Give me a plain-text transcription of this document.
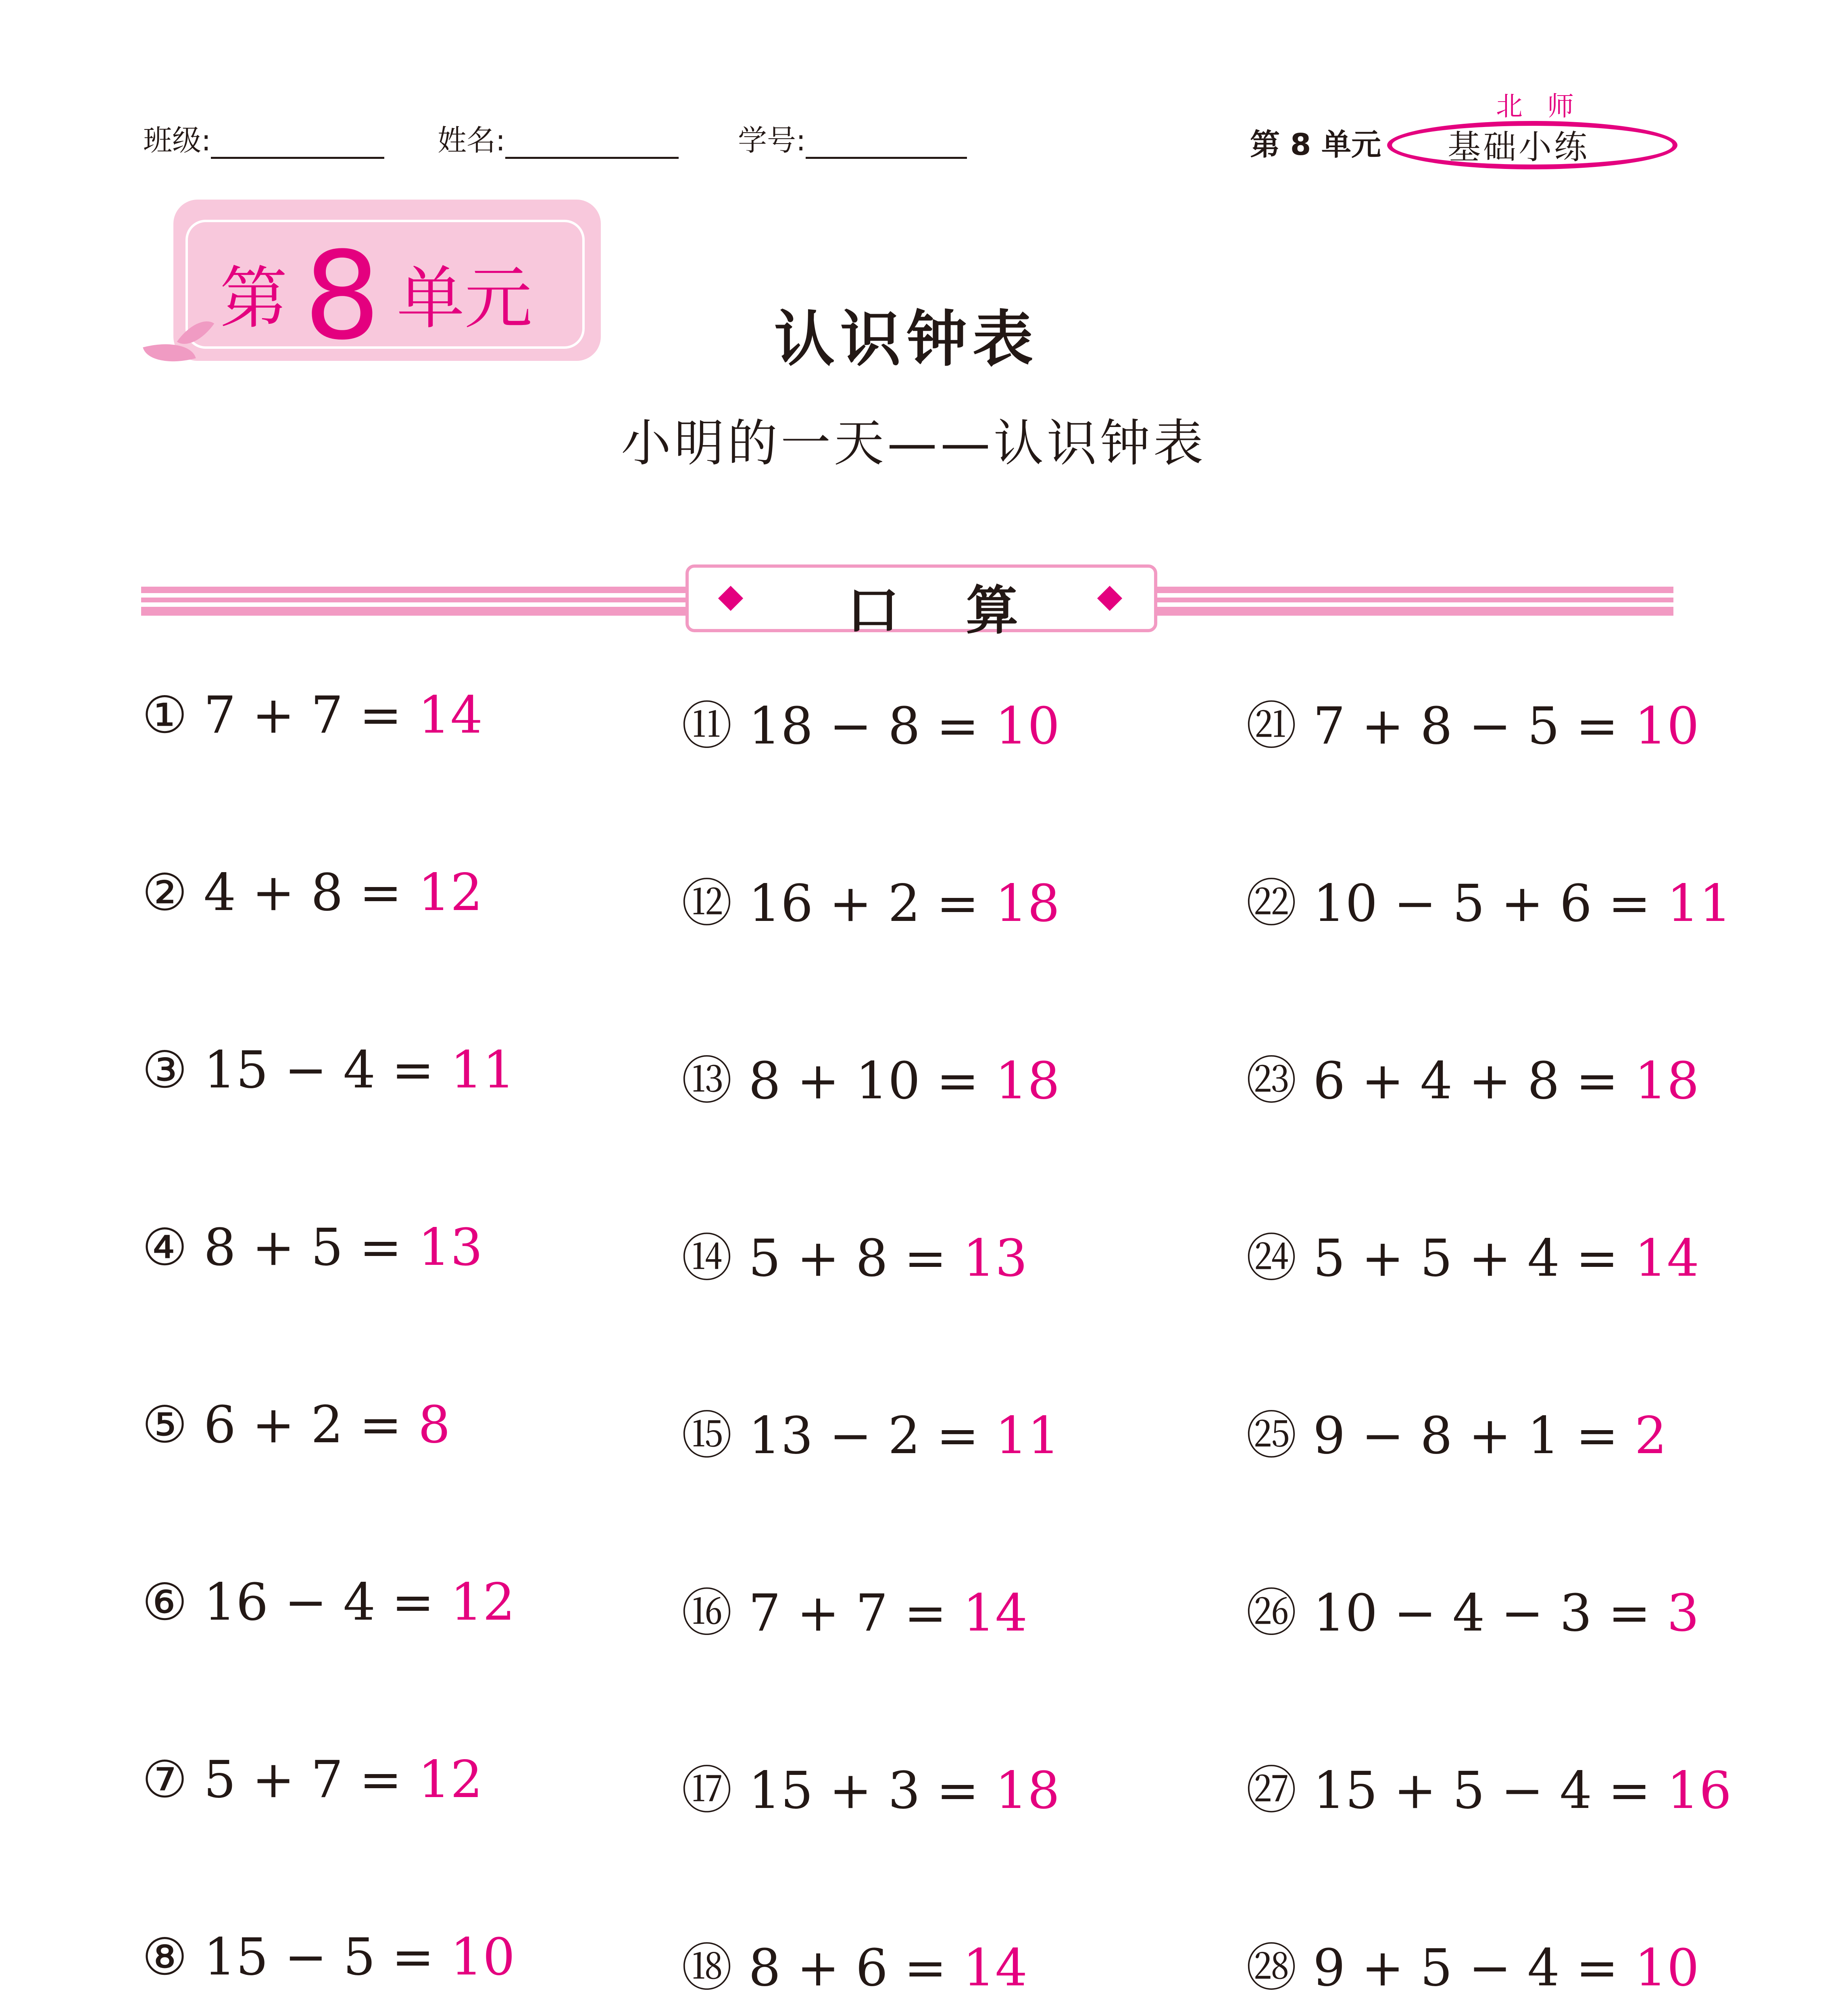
班级:	姓名:	学号:	第 8 单元
北 师
基础小练
第 8 单元
认识钟表
小明的一天——认识钟表
口 算
① 7 + 7 = 14
② 4 + 8 = 12
③ 15 − 4 = 11
④ 8 + 5 = 13
⑤ 6 + 2 = 8
⑥ 16 − 4 = 12
⑦ 5 + 7 = 12
⑧ 15 − 5 = 10
⑪ 18 − 8 = 10
⑫ 16 + 2 = 18
⑬ 8 + 10 = 18
⑭ 5 + 8 = 13
⑮ 13 − 2 = 11
⑯ 7 + 7 = 14
⑰ 15 + 3 = 18
⑱ 8 + 6 = 14
㉑ 7 + 8 − 5 = 10
㉒ 10 − 5 + 6 = 11
㉓ 6 + 4 + 8 = 18
㉔ 5 + 5 + 4 = 14
㉕ 9 − 8 + 1 = 2
㉖ 10 − 4 − 3 = 3
㉗ 15 + 5 − 4 = 16
㉘ 9 + 5 − 4 = 10
